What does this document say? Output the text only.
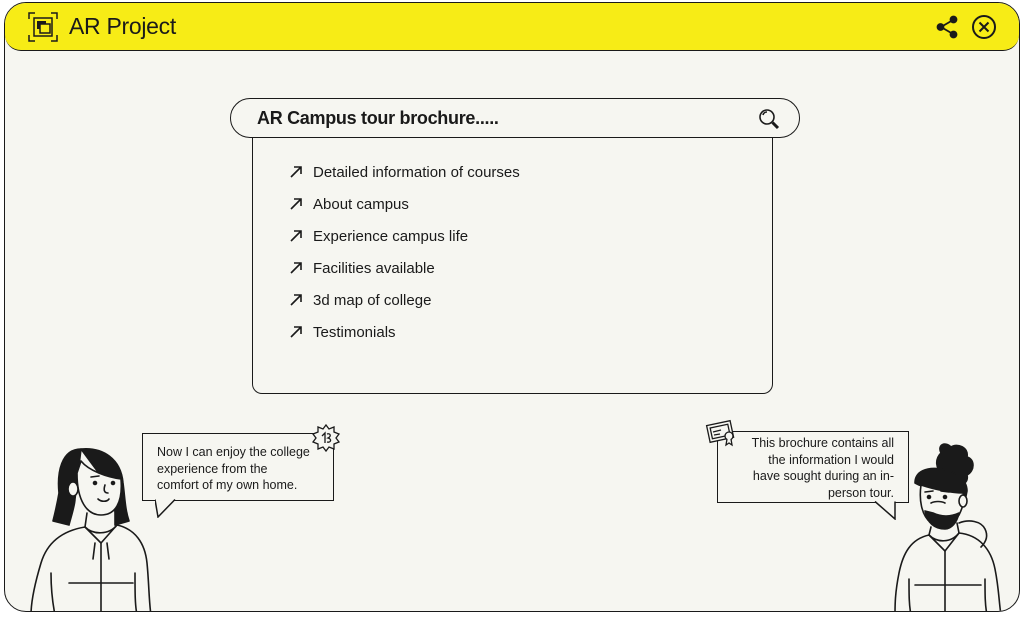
AR Project
AR Campus tour brochure.....
Detailed information of courses
About campus
Experience campus life
Facilities available
3d map of college
Testimonials
Now I can enjoy the college
experience from the
comfort of my own home.
This brochure contains all
the information I would
have sought during an in-
person tour.
